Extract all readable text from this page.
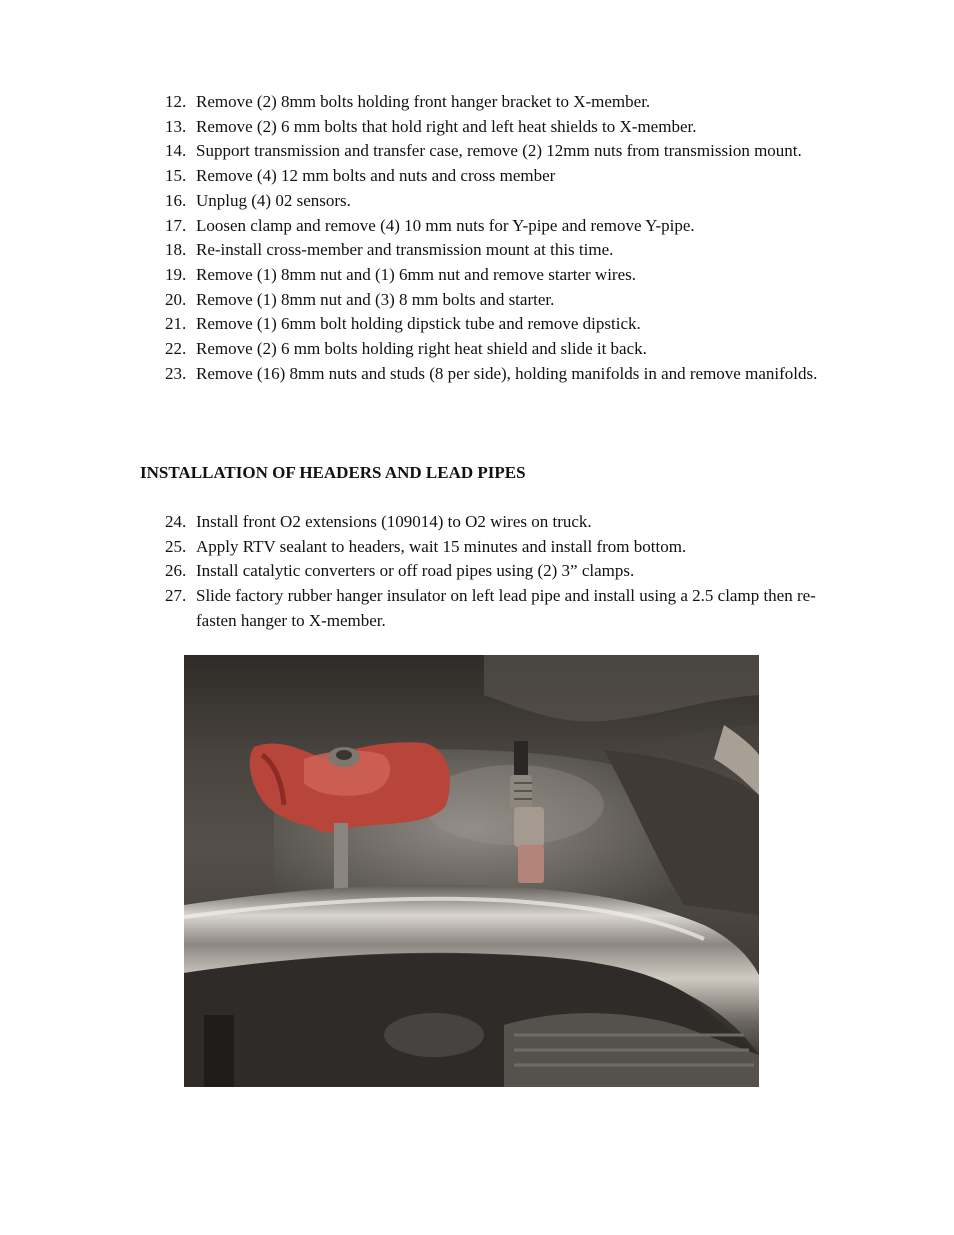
12. Remove (2) 8mm bolts holding front hanger bracket to X-member.
13. Remove (2) 6 mm bolts that hold right and left heat shields to X-member.
14. Support transmission and transfer case, remove (2) 12mm nuts from transmission mount.
15. Remove (4) 12 mm bolts and nuts and cross member
16. Unplug (4) 02 sensors.
17. Loosen clamp and remove (4) 10 mm nuts for Y-pipe and remove Y-pipe.
18. Re-install cross-member and transmission mount at this time.
19. Remove (1) 8mm nut and (1) 6mm nut and remove starter wires.
20. Remove (1) 8mm nut and (3) 8 mm bolts and starter.
21. Remove (1) 6mm bolt holding dipstick tube and remove dipstick.
22. Remove (2) 6 mm bolts holding right heat shield and slide it back.
23. Remove (16) 8mm nuts and studs (8 per side), holding manifolds in and remove manifolds.
INSTALLATION OF HEADERS AND LEAD PIPES
24. Install front O2 extensions (109014) to O2 wires on truck.
25. Apply RTV sealant to headers, wait 15 minutes and install from bottom.
26. Install catalytic converters or off road pipes using (2) 3” clamps.
27. Slide factory rubber hanger insulator on left lead pipe and install using a 2.5 clamp then re-fasten hanger to X-member.
